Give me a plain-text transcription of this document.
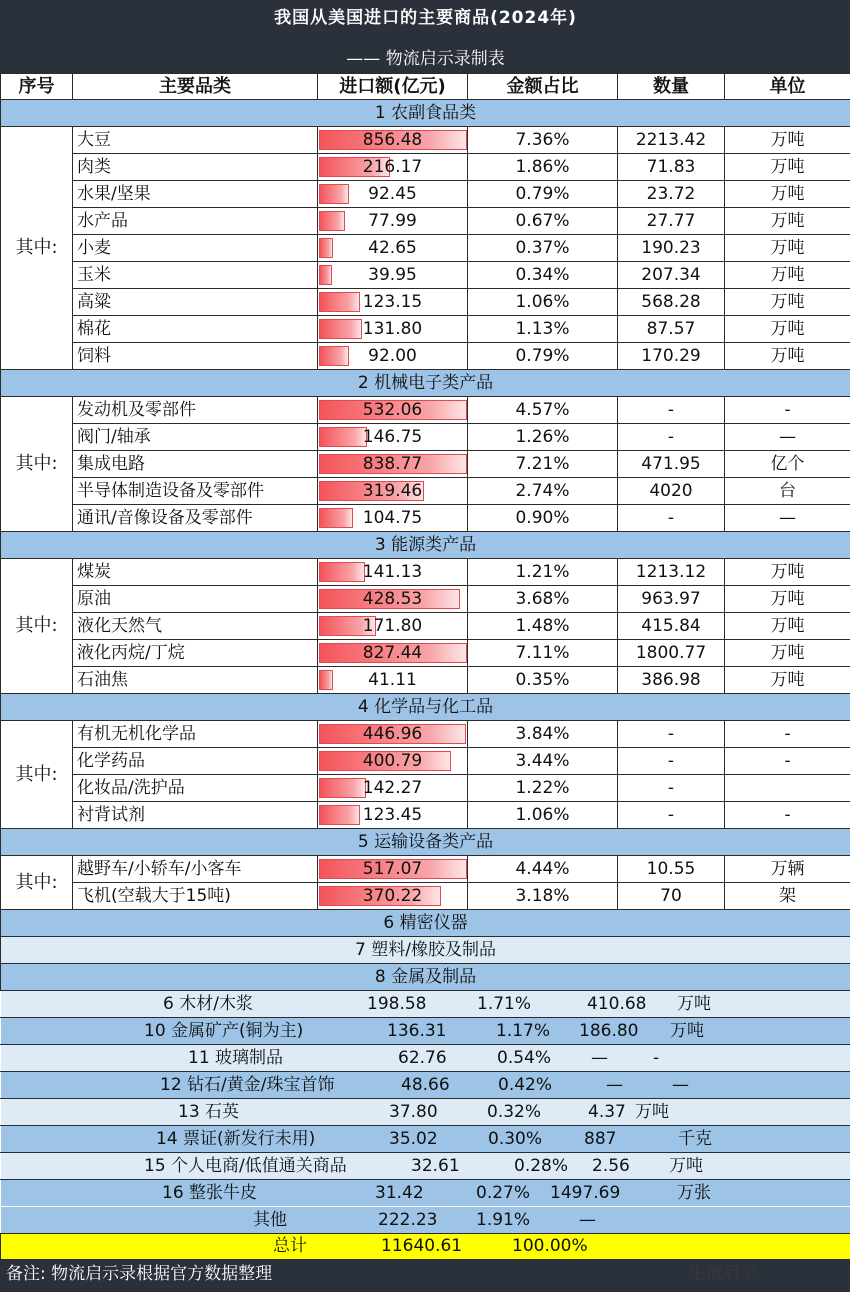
我国从美国进口的主要商品(2024年)					
—— 物流启示录制表					
序号	主要品类	进口额(亿元)	金额占比	数量	单位
1 农副食品类					
其中:	大豆	856.48	7.36%	2213.42	万吨
	肉类	216.17	1.86%	71.83	万吨
	水果/坚果	92.45	0.79%	23.72	万吨
	水产品	77.99	0.67%	27.77	万吨
	小麦	42.65	0.37%	190.23	万吨
	玉米	39.95	0.34%	207.34	万吨
	高粱	123.15	1.06%	568.28	万吨
	棉花	131.80	1.13%	87.57	万吨
	饲料	92.00	0.79%	170.29	万吨
2 机械电子类产品					
其中:	发动机及零部件	532.06	4.57%	-	-
	阀门/轴承	146.75	1.26%	-	—
	集成电路	838.77	7.21%	471.95	亿个
	半导体制造设备及零部件	319.46	2.74%	4020	台
	通讯/音像设备及零部件	104.75	0.90%	-	—
3 能源类产品					
其中:	煤炭	141.13	1.21%	1213.12	万吨
	原油	428.53	3.68%	963.97	万吨
	液化天然气	171.80	1.48%	415.84	万吨
	液化丙烷/丁烷	827.44	7.11%	1800.77	万吨
	石油焦	41.11	0.35%	386.98	万吨
4 化学品与化工品					
其中:	有机无机化学品	446.96	3.84%	-	-
	化学药品	400.79	3.44%	-	-
	化妆品/洗护品	142.27	1.22%	-	
	衬背试剂	123.45	1.06%	-	-
5 运输设备类产品					
其中:	越野车/小轿车/小客车	517.07	4.44%	10.55	万辆
	飞机(空载大于15吨)	370.22	3.18%	70	架
6 精密仪器					
7 塑料/橡胶及制品					
8 金属及制品					

6 木材/木浆 198.58 1.71% 410.68 万吨					

10 金属矿产(铜为主) 136.31 1.17% 186.80 万吨					

11 玻璃制品 62.76 0.54% — -					

12 钻石/黄金/珠宝首饰 48.66 0.42% — —					

13 石英 37.80 0.32% 4.37 万吨					

14 票证(新发行未用) 35.02 0.30% 887 千克					

15 个人电商/低值通关商品 32.61 0.28% 2.56 万吨					

16 整张牛皮 31.42 0.27% 1497.69 万张					

其他 222.23 1.91% —					

总计 11640.61 100.00%					

备注: 物流启示录根据官方数据整理 生流启示					
